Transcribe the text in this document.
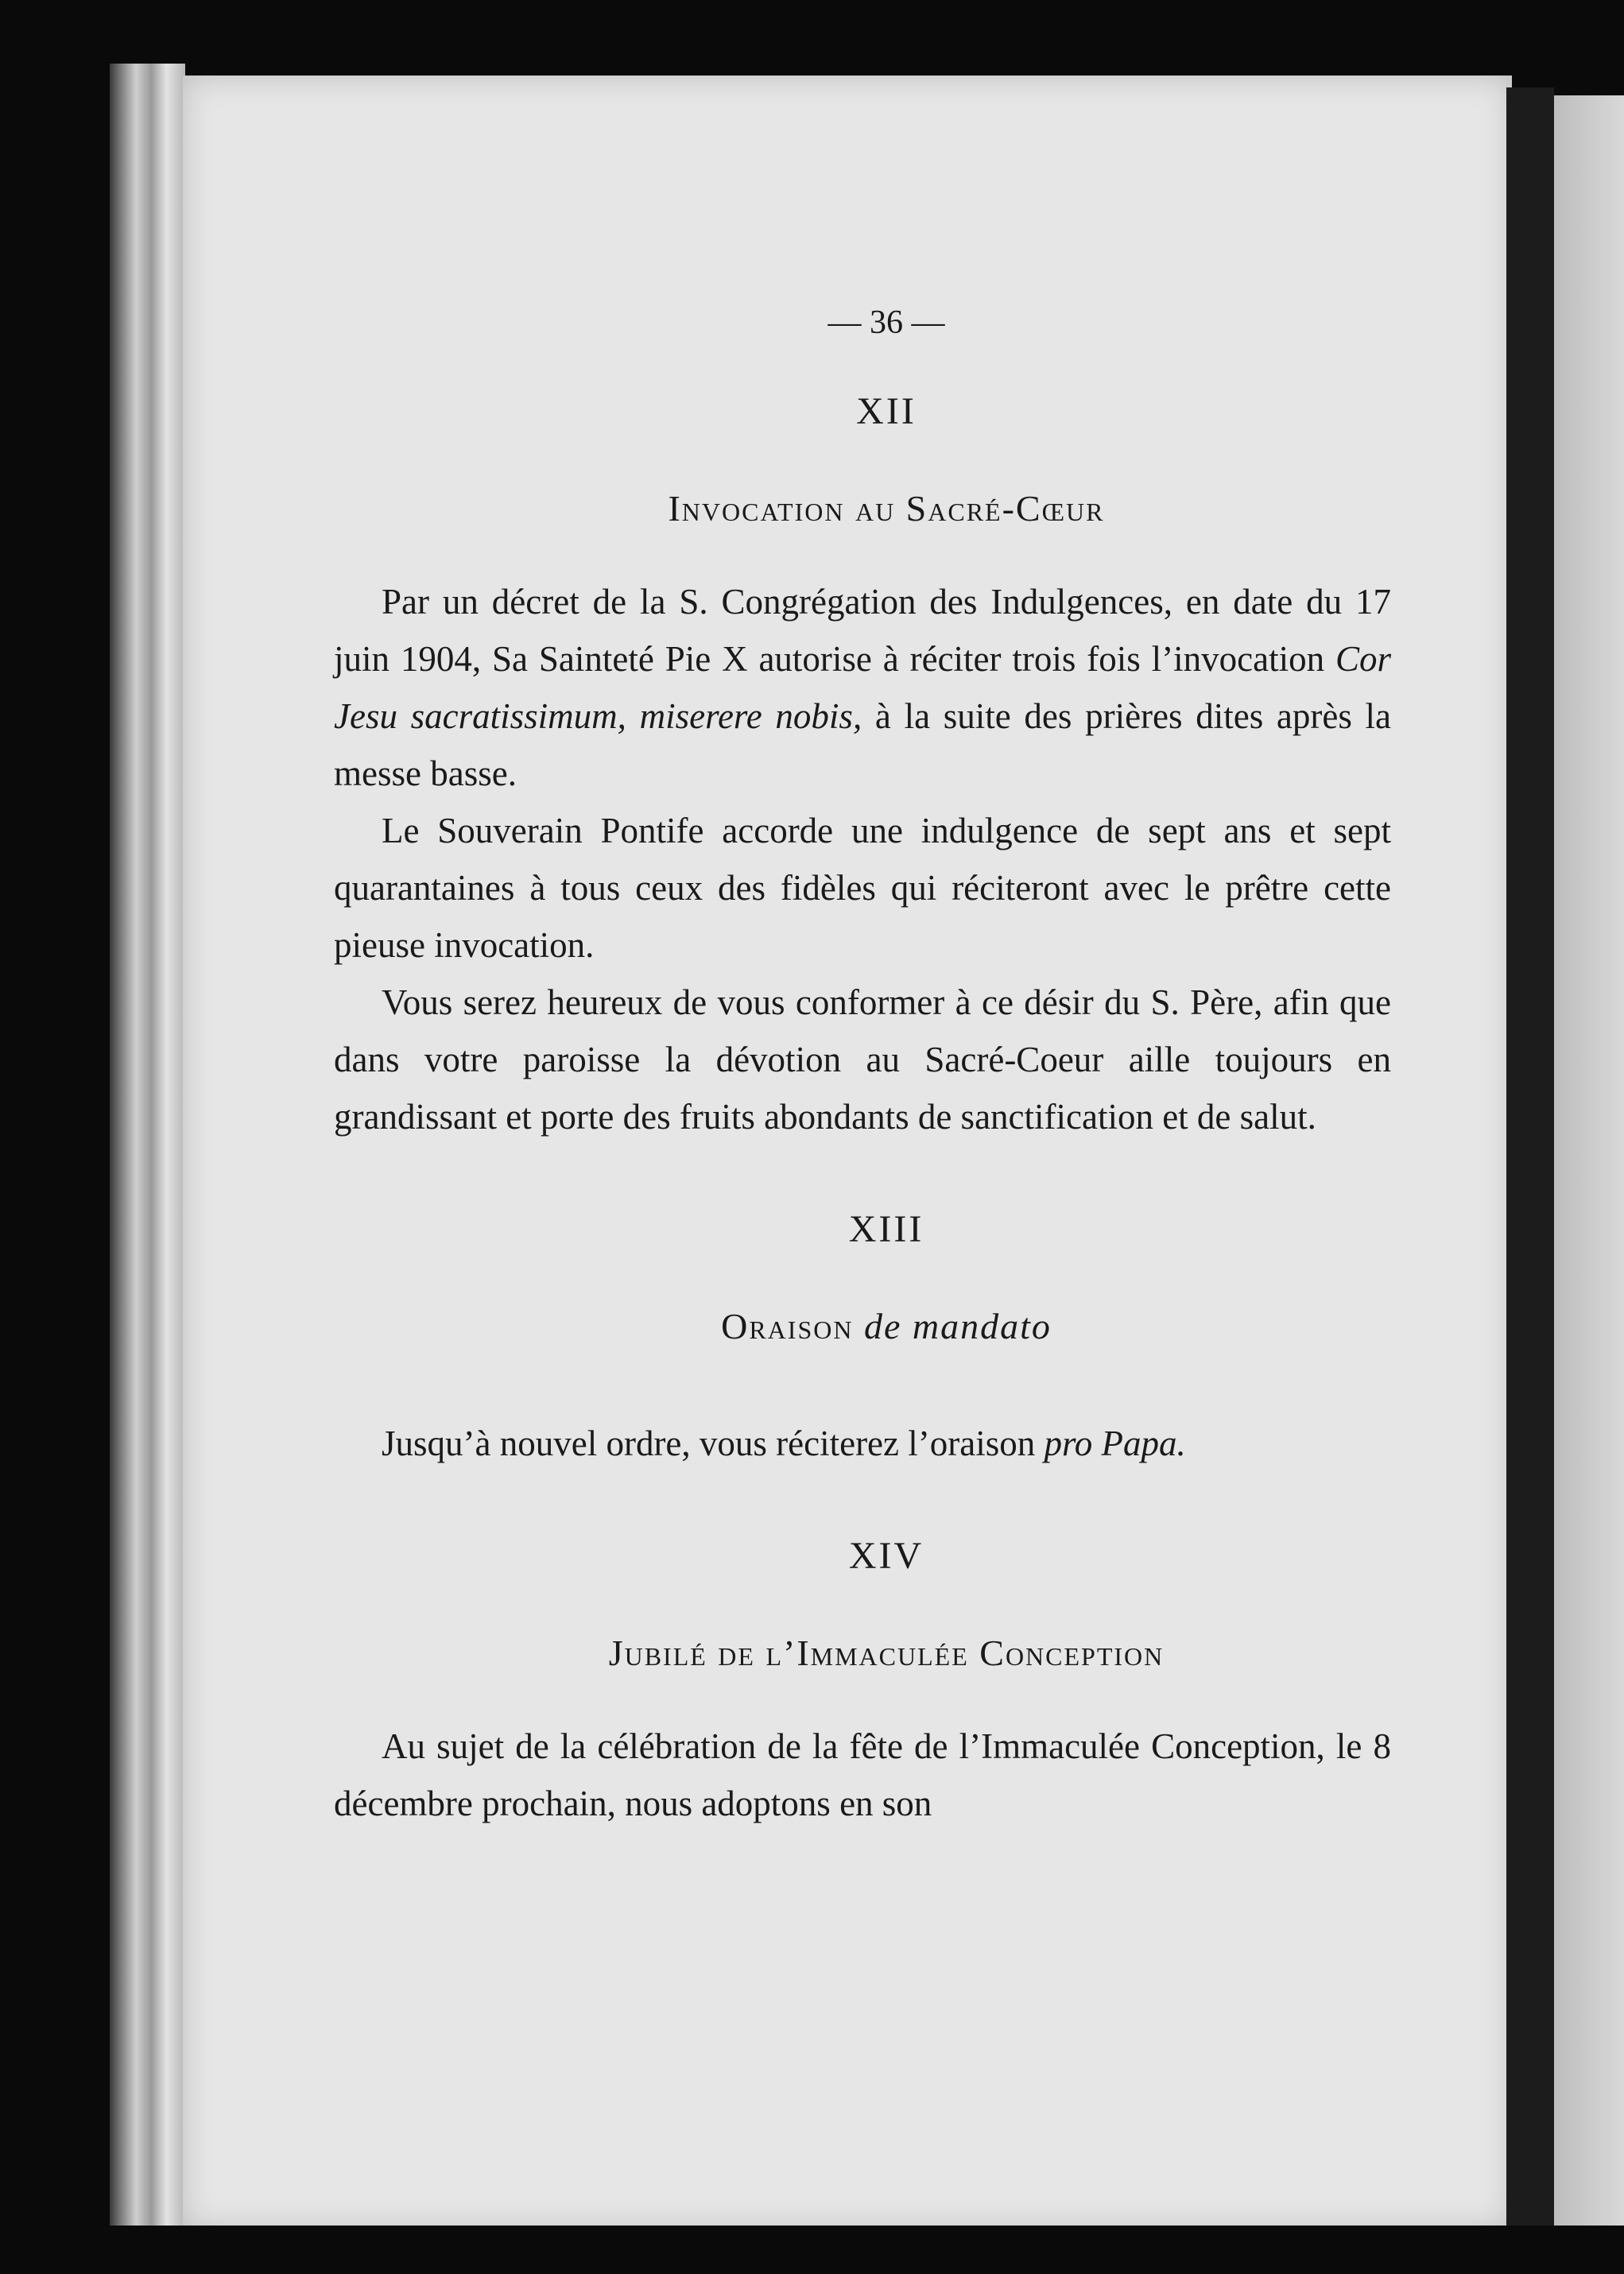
— 36 —
XII
Invocation au Sacré-Cœur

Par un décret de la S. Congrégation des Indulgences, en date du 17 juin 1904, Sa Sainteté Pie X autorise à réciter trois fois l’invocation Cor Jesu sacratissimum, miserere nobis, à la suite des prières dites après la messe basse.

Le Souverain Pontife accorde une indulgence de sept ans et sept quarantaines à tous ceux des fidèles qui réciteront avec le prêtre cette pieuse invocation.

Vous serez heureux de vous conformer à ce désir du S. Père, afin que dans votre paroisse la dévotion au Sacré-Coeur aille toujours en grandissant et porte des fruits abondants de sanctification et de salut.

XIII
Oraison de mandato

Jusqu’à nouvel ordre, vous réciterez l’oraison pro Papa.

XIV
Jubilé de l’Immaculée Conception

Au sujet de la célébration de la fête de l’Immaculée Conception, le 8 décembre prochain, nous adoptons en son
